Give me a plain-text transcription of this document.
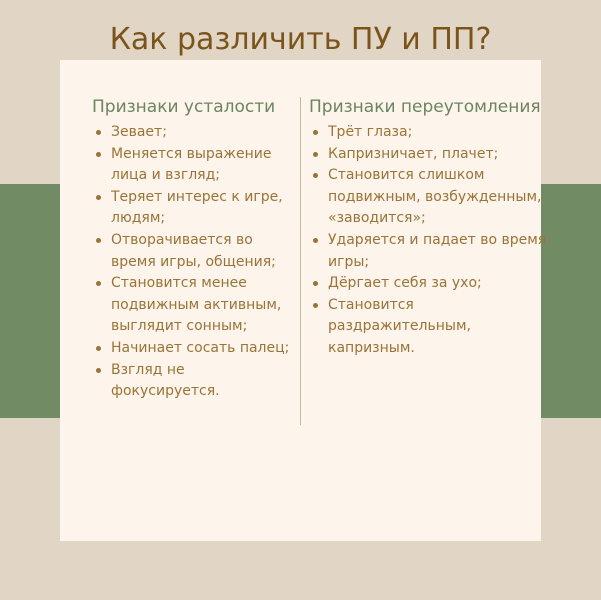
Как различить ПУ и ПП?
Признаки усталости
Зевает;
Меняется выражение лица и взгляд;
Теряет интерес к игре, людям;
Отворачивается во время игры, общения;
Становится менее подвижным активным, выглядит сонным;
Начинает сосать палец;
Взгляд не фокусируется.
Признаки переутомления
Трёт глаза;
Капризничает, плачет;
Становится слишком подвижным, возбужденным, «заводится»;
Ударяется и падает во время игры;
Дёргает себя за ухо;
Становится раздражительным, капризным.
